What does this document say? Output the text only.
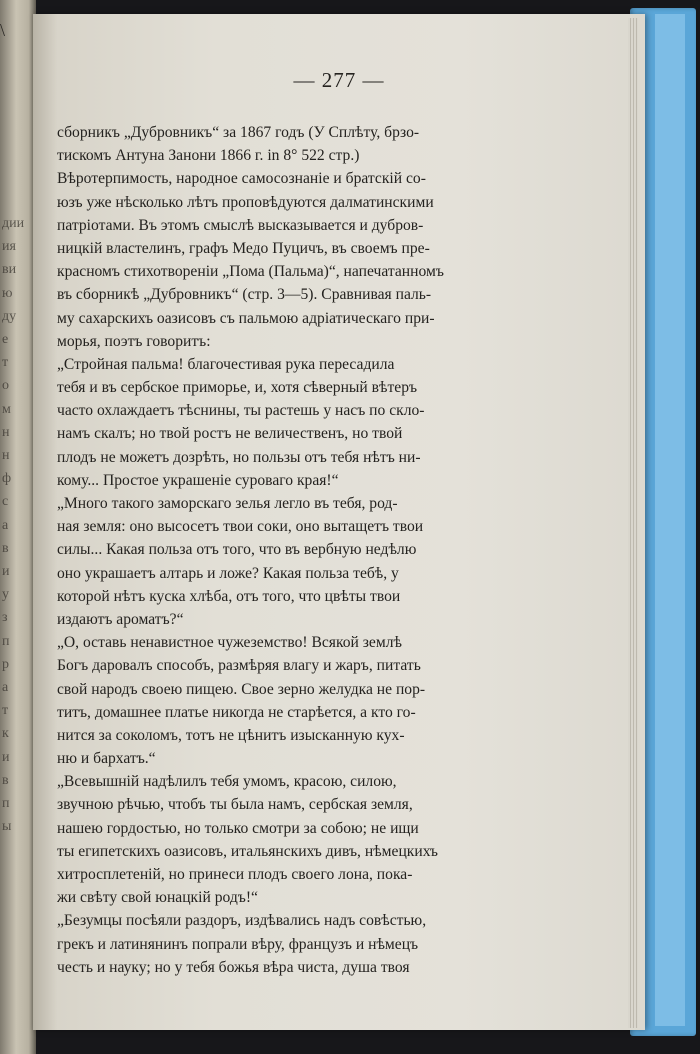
\
дии
ия
ви
ю
ду
е
т
о
м
н
н
ф
с
а
в
и
у
з
п
р
а
т
к
и
в
п
ы
— 277 —
сборникъ „Дубровникъ“ за 1867 годъ (У Сплѣту, брзо-
тискомъ Антуна Занони 1866 г. in 8° 522 стр.)
Вѣротерпимость, народное самосознаніе и братскій со-
юзъ уже нѣсколько лѣтъ проповѣдуются далматинскими
патріотами. Въ этомъ смыслѣ высказывается и дубров-
ницкій властелинъ, графъ Медо Пуцичъ, въ своемъ пре-
красномъ стихотвореніи „Пома (Пальма)“, напечатанномъ
въ сборникѣ „Дубровникъ“ (стр. 3—5). Сравнивая паль-
му сахарскихъ оазисовъ съ пальмою адріатическаго при-
морья, поэтъ говоритъ:
„Стройная пальма! благочестивая рука пересадила
тебя и въ сербское приморье, и, хотя сѣверный вѣтеръ
часто охлаждаетъ тѣснины, ты растешь у насъ по скло-
намъ скалъ; но твой ростъ не величественъ, но твой
плодъ не можетъ дозрѣть, но пользы отъ тебя нѣтъ ни-
кому... Простое украшеніе суроваго края!“
„Много такого заморскаго зелья легло въ тебя, род-
ная земля: оно высосетъ твои соки, оно вытащетъ твои
силы... Какая польза отъ того, что въ вербную недѣлю
оно украшаетъ алтарь и ложе? Какая польза тебѣ, у
которой нѣтъ куска хлѣба, отъ того, что цвѣты твои
издаютъ ароматъ?“
„О, оставь ненавистное чужеземство! Всякой землѣ
Богъ даровалъ способъ, размѣряя влагу и жаръ, питать
свой народъ своею пищею. Свое зерно желудка не пор-
титъ, домашнее платье никогда не старѣется, а кто го-
нится за соколомъ, тотъ не цѣнитъ изысканную кух-
ню и бархатъ.“
„Всевышній надѣлилъ тебя умомъ, красою, силою,
звучною рѣчью, чтобъ ты была намъ, сербская земля,
нашею гордостью, но только смотри за собою; не ищи
ты египетскихъ оазисовъ, итальянскихъ дивъ, нѣмецкихъ
хитросплетеній, но принеси плодъ своего лона, пока-
жи свѣту свой юнацкій родъ!“
„Безумцы посѣяли раздоръ, издѣвались надъ совѣстью,
грекъ и латинянинъ попрали вѣру, французъ и нѣмецъ
честь и науку; но у тебя божья вѣра чиста, душа твоя
